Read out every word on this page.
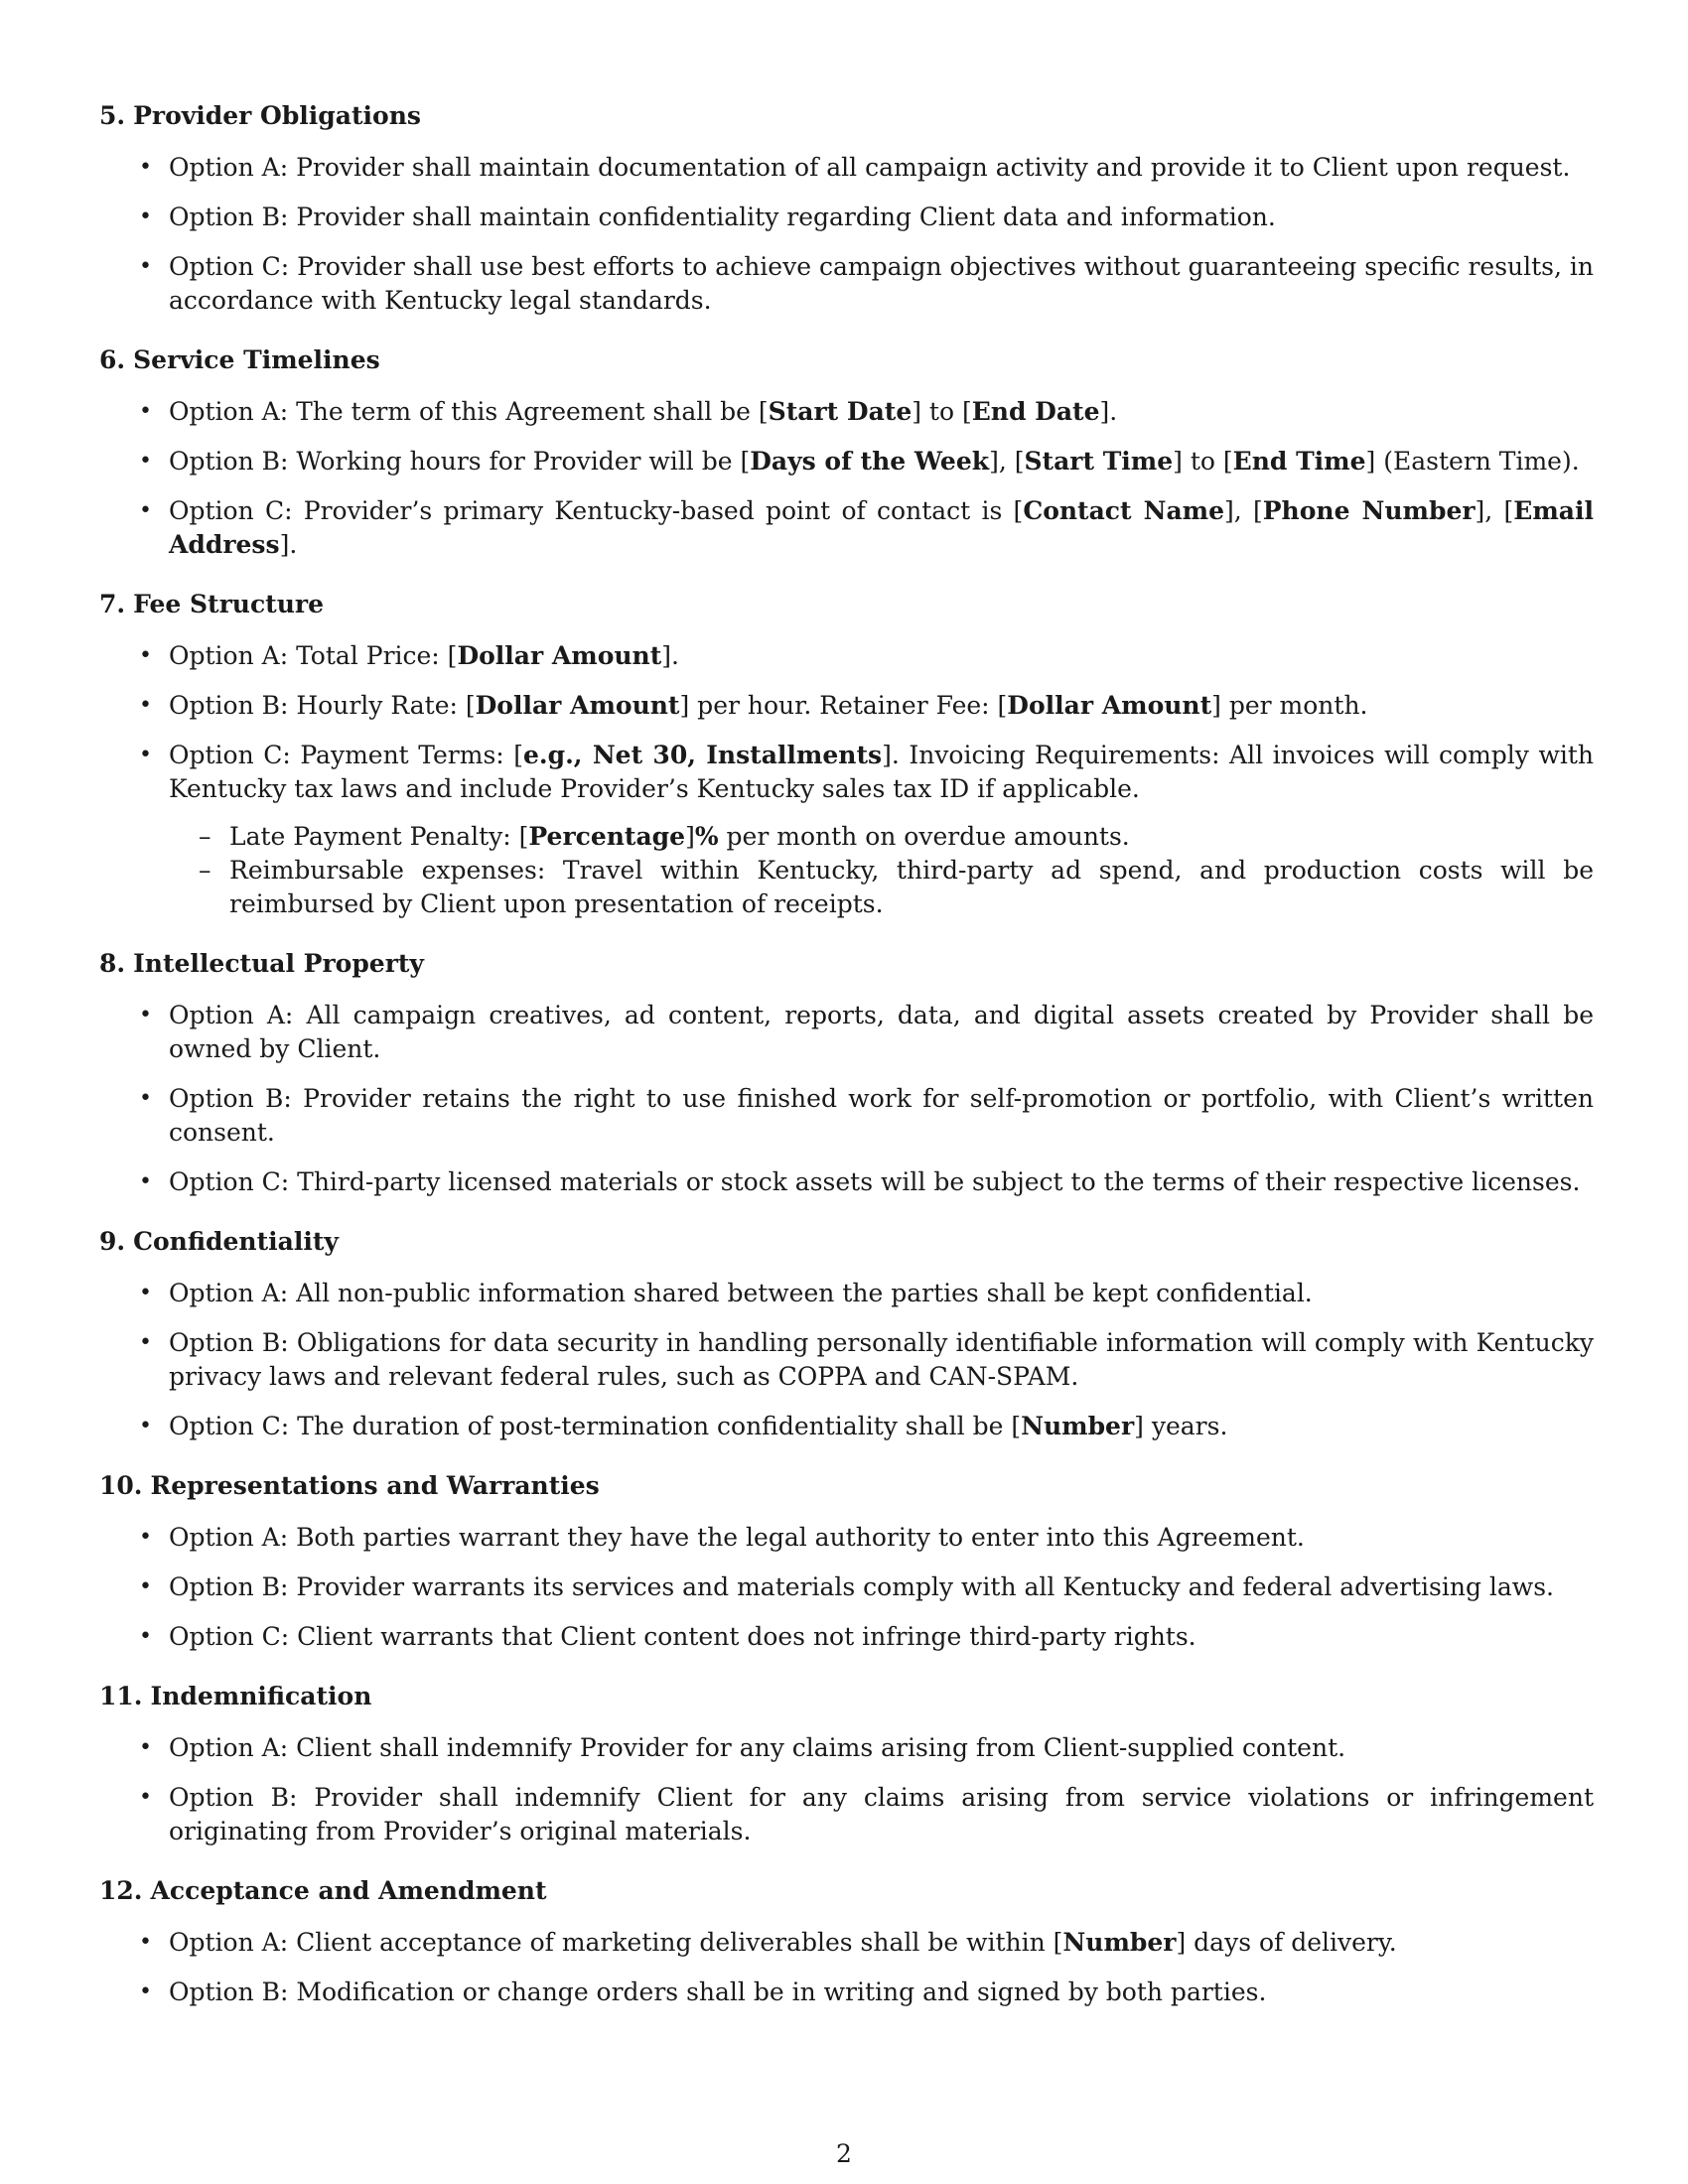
5. Provider Obligations
• Option A: Provider shall maintain documentation of all campaign activity and provide it to Client upon request.
• Option B: Provider shall maintain confidentiality regarding Client data and information.
• Option C: Provider shall use best efforts to achieve campaign objectives without guaranteeing specific results, in accordance with Kentucky legal standards.
6. Service Timelines
• Option A: The term of this Agreement shall be [Start Date] to [End Date].
• Option B: Working hours for Provider will be [Days of the Week], [Start Time] to [End Time] (Eastern Time).
• Option C: Provider’s primary Kentucky-based point of contact is [Contact Name], [Phone Number], [Email Address].
7. Fee Structure
• Option A: Total Price: [Dollar Amount].
• Option B: Hourly Rate: [Dollar Amount] per hour. Retainer Fee: [Dollar Amount] per month.
• Option C: Payment Terms: [e.g., Net 30, Installments]. Invoicing Requirements: All invoices will comply with Kentucky tax laws and include Provider’s Kentucky sales tax ID if applicable.
– Late Payment Penalty: [Percentage]% per month on overdue amounts.
– Reimbursable expenses: Travel within Kentucky, third-party ad spend, and production costs will be reimbursed by Client upon presentation of receipts.
8. Intellectual Property
• Option A: All campaign creatives, ad content, reports, data, and digital assets created by Provider shall be owned by Client.
• Option B: Provider retains the right to use finished work for self-promotion or portfolio, with Client’s written consent.
• Option C: Third-party licensed materials or stock assets will be subject to the terms of their respective licenses.
9. Confidentiality
• Option A: All non-public information shared between the parties shall be kept confidential.
• Option B: Obligations for data security in handling personally identifiable information will comply with Kentucky privacy laws and relevant federal rules, such as COPPA and CAN-SPAM.
• Option C: The duration of post-termination confidentiality shall be [Number] years.
10. Representations and Warranties
• Option A: Both parties warrant they have the legal authority to enter into this Agreement.
• Option B: Provider warrants its services and materials comply with all Kentucky and federal advertising laws.
• Option C: Client warrants that Client content does not infringe third-party rights.
11. Indemnification
• Option A: Client shall indemnify Provider for any claims arising from Client-supplied content.
• Option B: Provider shall indemnify Client for any claims arising from service violations or infringement originating from Provider’s original materials.
12. Acceptance and Amendment
• Option A: Client acceptance of marketing deliverables shall be within [Number] days of delivery.
• Option B: Modification or change orders shall be in writing and signed by both parties.
2
